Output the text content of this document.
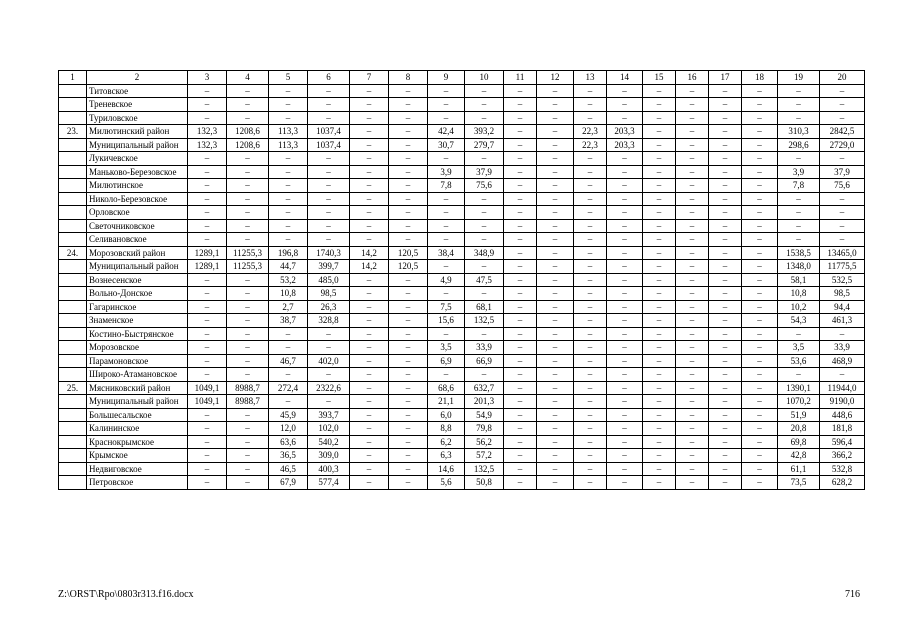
1	2	3	4	5	6	7	8	9	10	11	12	13	14	15	16	17	18	19	20
	Титовское	–	–	–	–	–	–	–	–	–	–	–	–	–	–	–	–	–	–
	Треневское	–	–	–	–	–	–	–	–	–	–	–	–	–	–	–	–	–	–
	Туриловское	–	–	–	–	–	–	–	–	–	–	–	–	–	–	–	–	–	–
23.	Милютинский район	132,3	1208,6	113,3	1037,4	–	–	42,4	393,2	–	–	22,3	203,3	–	–	–	–	310,3	2842,5
	Муниципальный район	132,3	1208,6	113,3	1037,4	–	–	30,7	279,7	–	–	22,3	203,3	–	–	–	–	298,6	2729,0
	Лукичевское	–	–	–	–	–	–	–	–	–	–	–	–	–	–	–	–	–	–
	Маньково-Березовское	–	–	–	–	–	–	3,9	37,9	–	–	–	–	–	–	–	–	3,9	37,9
	Милютинское	–	–	–	–	–	–	7,8	75,6	–	–	–	–	–	–	–	–	7,8	75,6
	Николо-Березовское	–	–	–	–	–	–	–	–	–	–	–	–	–	–	–	–	–	–
	Орловское	–	–	–	–	–	–	–	–	–	–	–	–	–	–	–	–	–	–
	Светочниковское	–	–	–	–	–	–	–	–	–	–	–	–	–	–	–	–	–	–
	Селивановское	–	–	–	–	–	–	–	–	–	–	–	–	–	–	–	–	–	–
24.	Морозовский район	1289,1	11255,3	196,8	1740,3	14,2	120,5	38,4	348,9	–	–	–	–	–	–	–	–	1538,5	13465,0
	Муниципальный район	1289,1	11255,3	44,7	399,7	14,2	120,5	–	–	–	–	–	–	–	–	–	–	1348,0	11775,5
	Вознесенское	–	–	53,2	485,0	–	–	4,9	47,5	–	–	–	–	–	–	–	–	58,1	532,5
	Вольно-Донское	–	–	10,8	98,5	–	–	–	–	–	–	–	–	–	–	–	–	10,8	98,5
	Гагаринское	–	–	2,7	26,3	–	–	7,5	68,1	–	–	–	–	–	–	–	–	10,2	94,4
	Знаменское	–	–	38,7	328,8	–	–	15,6	132,5	–	–	–	–	–	–	–	–	54,3	461,3
	Костино-Быстрянское	–	–	–	–	–	–	–	–	–	–	–	–	–	–	–	–	–	–
	Морозовское	–	–	–	–	–	–	3,5	33,9	–	–	–	–	–	–	–	–	3,5	33,9
	Парамоновское	–	–	46,7	402,0	–	–	6,9	66,9	–	–	–	–	–	–	–	–	53,6	468,9
	Широко-Атамановское	–	–	–	–	–	–	–	–	–	–	–	–	–	–	–	–	–	–
25.	Мясниковский район	1049,1	8988,7	272,4	2322,6	–	–	68,6	632,7	–	–	–	–	–	–	–	–	1390,1	11944,0
	Муниципальный район	1049,1	8988,7	–	–	–	–	21,1	201,3	–	–	–	–	–	–	–	–	1070,2	9190,0
	Большесальское	–	–	45,9	393,7	–	–	6,0	54,9	–	–	–	–	–	–	–	–	51,9	448,6
	Калининское	–	–	12,0	102,0	–	–	8,8	79,8	–	–	–	–	–	–	–	–	20,8	181,8
	Краснокрымское	–	–	63,6	540,2	–	–	6,2	56,2	–	–	–	–	–	–	–	–	69,8	596,4
	Крымское	–	–	36,5	309,0	–	–	6,3	57,2	–	–	–	–	–	–	–	–	42,8	366,2
	Недвиговское	–	–	46,5	400,3	–	–	14,6	132,5	–	–	–	–	–	–	–	–	61,1	532,8
	Петровское	–	–	67,9	577,4	–	–	5,6	50,8	–	–	–	–	–	–	–	–	73,5	628,2
Z:\ORST\Rpo\0803r313.f16.docx	716
